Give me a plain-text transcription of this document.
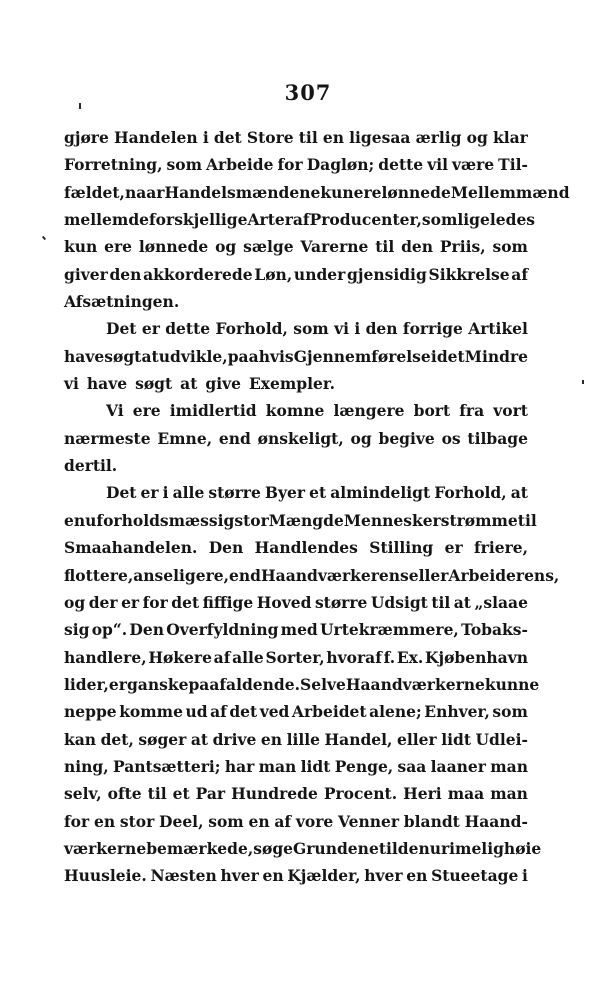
307
gjøre Handelen i det Store til en ligesaa ærlig og klar
Forretning, som Arbeide for Dagløn; dette vil være Til-
fældet, naar Handelsmændene kun ere lønnede Mellemmænd
mellem de forskjellige Arter af Producenter, som ligeledes
kun ere lønnede og sælge Varerne til den Priis, som
giver den akkorderede Løn, under gjensidig Sikkrelse af
Afsætningen.
Det er dette Forhold, som vi i den forrige Artikel
have søgt at udvikle, paa hvis Gjennemførelse i det Mindre
vi have søgt at give Exempler.
Vi ere imidlertid komne længere bort fra vort
nærmeste Emne, end ønskeligt, og begive os tilbage
dertil.
Det er i alle større Byer et almindeligt Forhold, at
en uforholdsmæssig stor Mængde Mennesker strømme til
Smaahandelen. Den Handlendes Stilling er friere,
flottere, anseligere, end Haandværkerens eller Arbeiderens,
og der er for det fiffige Hoved større Udsigt til at „slaae
sig op“. Den Overfyldning med Urtekræmmere, Tobaks-
handlere, Høkere af alle Sorter, hvoraf f. Ex. Kjøbenhavn
lider, er ganske paafaldende. Selve Haandværkerne kunne
neppe komme ud af det ved Arbeidet alene; Enhver, som
kan det, søger at drive en lille Handel, eller lidt Udlei-
ning, Pantsætteri; har man lidt Penge, saa laaner man
selv, ofte til et Par Hundrede Procent. Heri maa man
for en stor Deel, som en af vore Venner blandt Haand-
værkerne bemærkede, søge Grundene til den urimelig høie
Huusleie. Næsten hver en Kjælder, hver en Stueetage i
